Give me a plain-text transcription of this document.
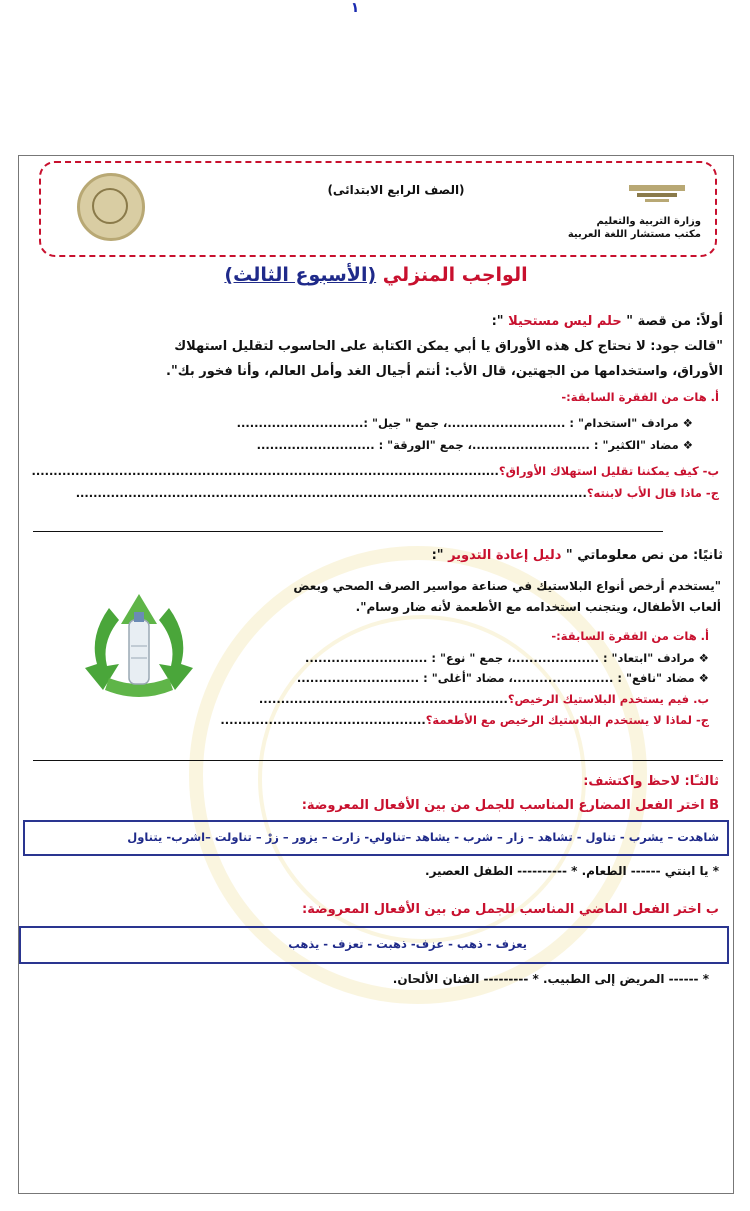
١
(الصف الرابع الابتدائى)
وزارة التربية والتعليم
مكتب مستشار اللغة العربية
الواجب المنزلي (الأسبوع الثالث)
أولاً: من قصة " حلم ليس مستحيلا ":
"قالت جود: لا نحتاج كل هذه الأوراق يا أبي يمكن الكتابة على الحاسوب لتقليل استهلاك
الأوراق، واستخدامها من الجهتين، قال الأب: أنتم أجيال الغد وأمل العالم، وأنا فخور بك".
أ. هات من الفقرة السابقة:-
❖ مرادف "استخدام" : ...........................، جمع " جيل" :.............................
❖ مضاد "الكثير" : ...........................، جمع "الورقة" : ...........................
ب- كيف يمكننا تقليل استهلاك الأوراق؟...........................................................................................................
ج- ماذا قال الأب لابنته؟.....................................................................................................................
ثانيًا: من نص معلوماتي " دليل إعادة التدوير ":
"يستخدم أرخص أنواع البلاستيك في صناعة مواسير الصرف الصحي وبعض
ألعاب الأطفال، ويتجنب استخدامه مع الأطعمة لأنه ضار وسام".
أ. هات من الفقرة السابقة:-
❖ مرادف "ابتعاد" : ....................، جمع " نوع" : ............................
❖ مضاد "نافع" : .......................، مضاد "أغلى" : ............................
ب. فيم يستخدم البلاستيك الرخيص؟.........................................................
ج- لماذا لا يستخدم البلاستيك الرخيص مع الأطعمة؟...............................................
ثالثـًا: لاحظ واكتشف:
B اختر الفعل المضارع المناسب للجمل من بين الأفعال المعروضة:
شاهدت – يشرب - تناول - تشاهد – زار – شرب - يشاهد –تناولي- زارت – يزور – زرْ – تناولت –اشرب- يتناول
* يا ابنتي ------ الطعام. * ---------- الطفل العصير.
ب‌ اختر الفعل الماضي المناسب للجمل من بين الأفعال المعروضة:
يعزف - ذهب - عزف- ذهبت - تعزف - يذهب
* ------ المريض إلى الطبيب. * --------- الفنان الألحان.
